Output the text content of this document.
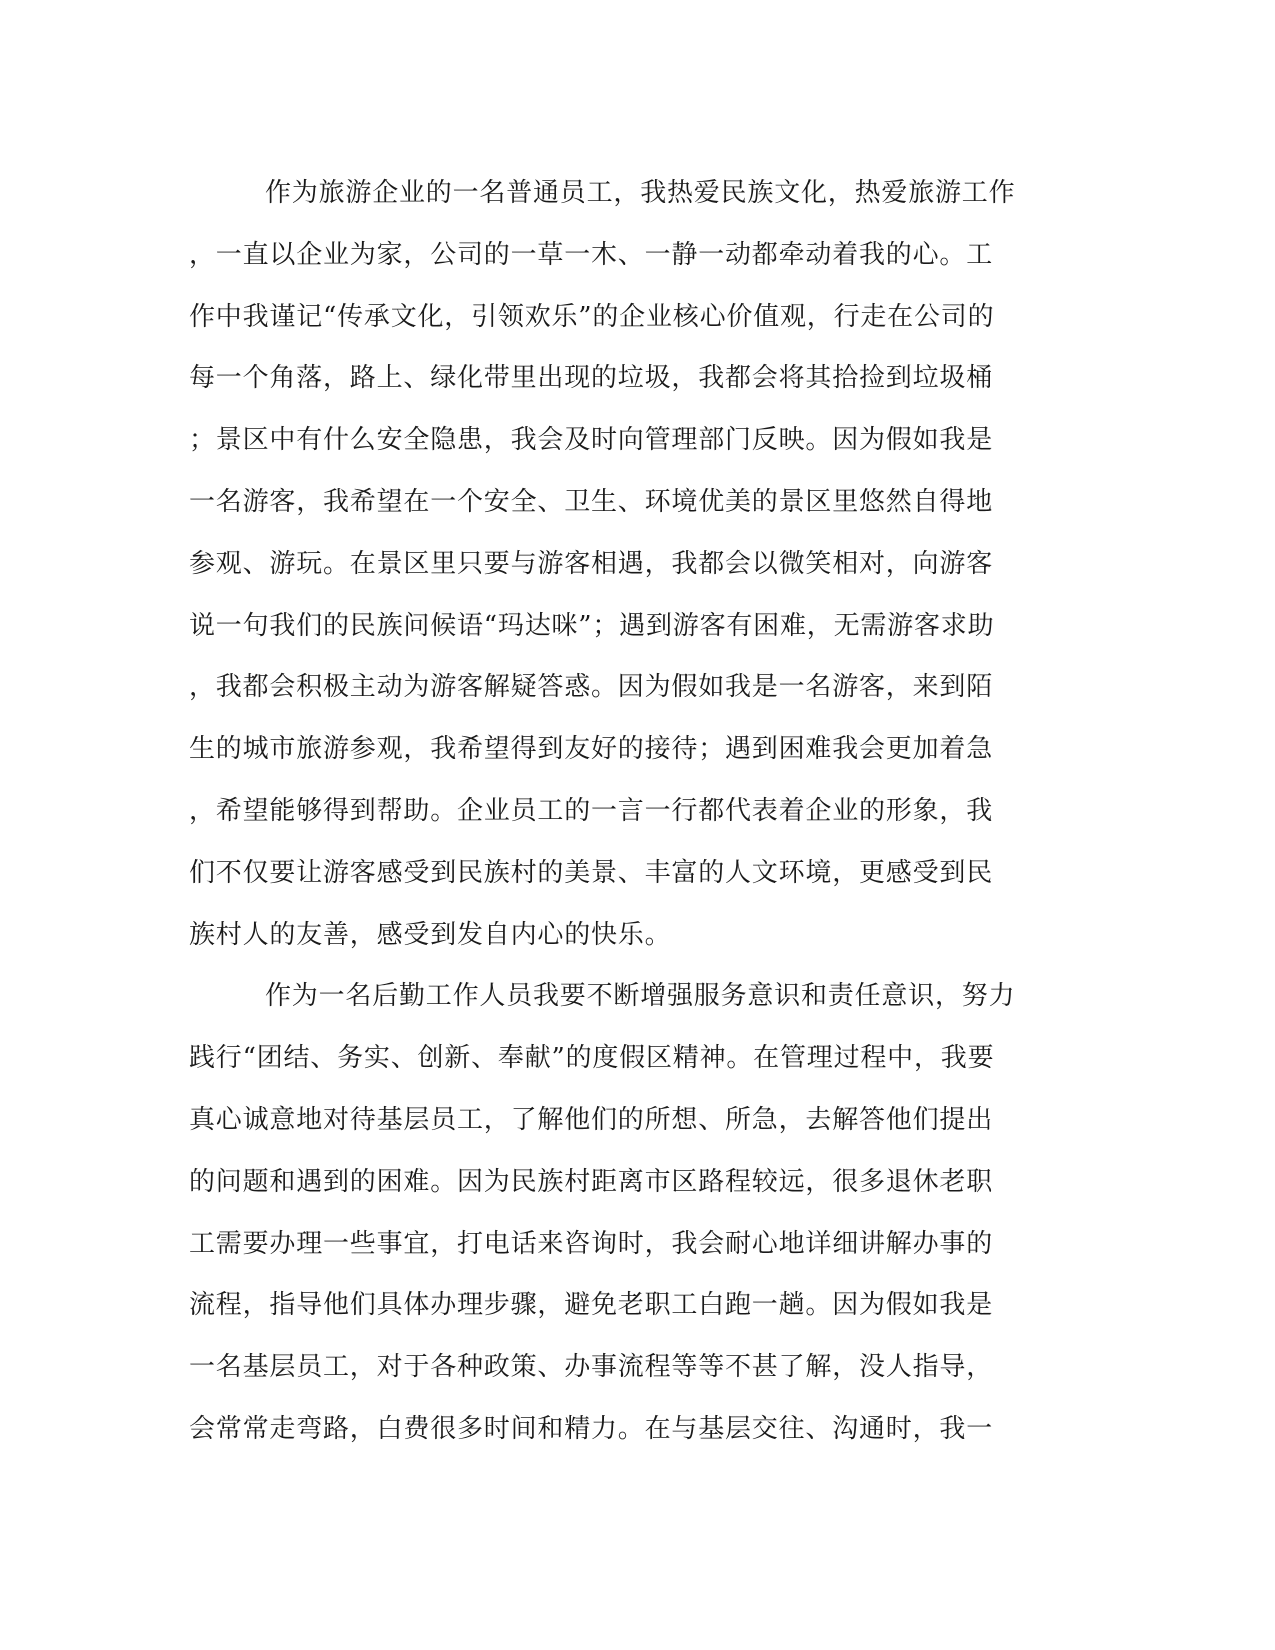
作为旅游企业的一名普通员工，我热爱民族文化，热爱旅游工作
，一直以企业为家，公司的一草一木、一静一动都牵动着我的心。工
作中我谨记“传承文化，引领欢乐”的企业核心价值观，行走在公司的
每一个角落，路上、绿化带里出现的垃圾，我都会将其拾捡到垃圾桶
；景区中有什么安全隐患，我会及时向管理部门反映。因为假如我是
一名游客，我希望在一个安全、卫生、环境优美的景区里悠然自得地
参观、游玩。在景区里只要与游客相遇，我都会以微笑相对，向游客
说一句我们的民族问候语“玛达咪”；遇到游客有困难，无需游客求助
，我都会积极主动为游客解疑答惑。因为假如我是一名游客，来到陌
生的城市旅游参观，我希望得到友好的接待；遇到困难我会更加着急
，希望能够得到帮助。企业员工的一言一行都代表着企业的形象，我
们不仅要让游客感受到民族村的美景、丰富的人文环境，更感受到民
族村人的友善，感受到发自内心的快乐。
作为一名后勤工作人员我要不断增强服务意识和责任意识，努力
践行“团结、务实、创新、奉献”的度假区精神。在管理过程中，我要
真心诚意地对待基层员工，了解他们的所想、所急，去解答他们提出
的问题和遇到的困难。因为民族村距离市区路程较远，很多退休老职
工需要办理一些事宜，打电话来咨询时，我会耐心地详细讲解办事的
流程，指导他们具体办理步骤，避免老职工白跑一趟。因为假如我是
一名基层员工，对于各种政策、办事流程等等不甚了解，没人指导，
会常常走弯路，白费很多时间和精力。在与基层交往、沟通时，我一
